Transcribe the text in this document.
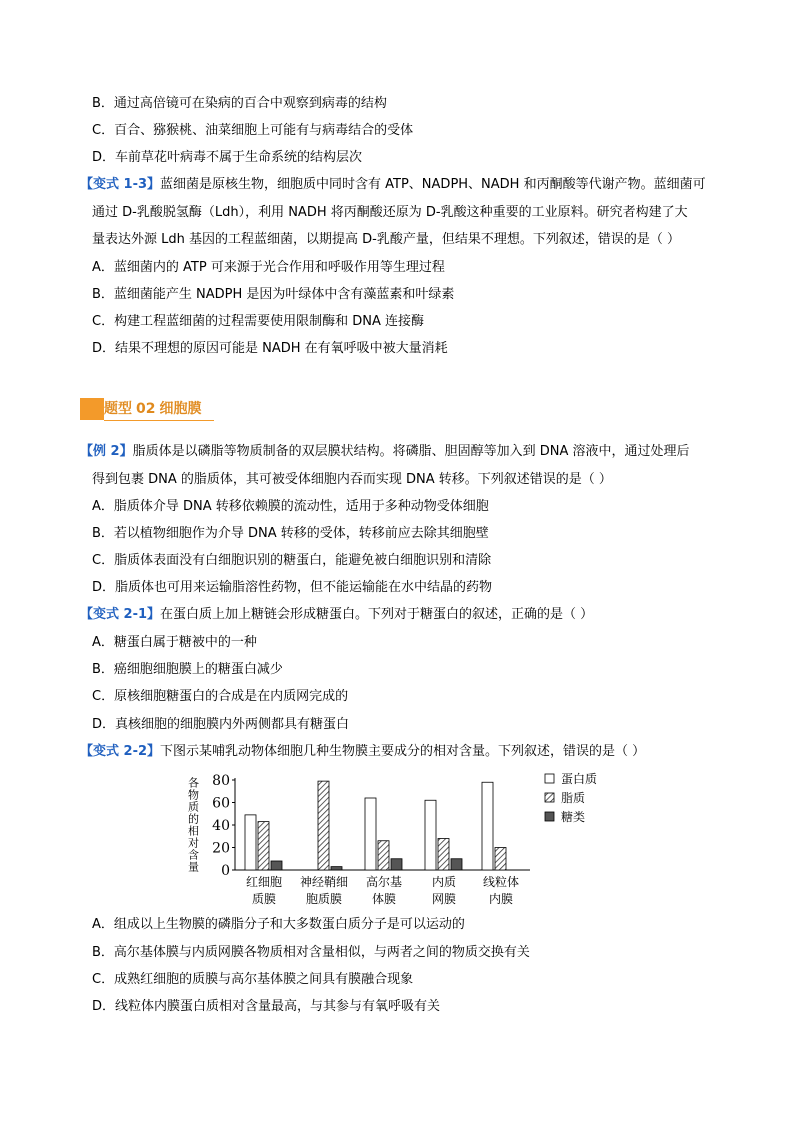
B．通过高倍镜可在染病的百合中观察到病毒的结构
C．百合、猕猴桃、油菜细胞上可能有与病毒结合的受体
D．车前草花叶病毒不属于生命系统的结构层次
【变式 1-3】蓝细菌是原核生物，细胞质中同时含有 ATP、NADPH、NADH 和丙酮酸等代谢产物。蓝细菌可
通过 D-乳酸脱氢酶（Ldh），利用 NADH 将丙酮酸还原为 D-乳酸这种重要的工业原料。研究者构建了大
量表达外源 Ldh 基因的工程蓝细菌，以期提高 D-乳酸产量，但结果不理想。下列叙述，错误的是（ ）
A．蓝细菌内的 ATP 可来源于光合作用和呼吸作用等生理过程
B．蓝细菌能产生 NADPH 是因为叶绿体中含有藻蓝素和叶绿素
C．构建工程蓝细菌的过程需要使用限制酶和 DNA 连接酶
D．结果不理想的原因可能是 NADH 在有氧呼吸中被大量消耗
【例 2】脂质体是以磷脂等物质制备的双层膜状结构。将磷脂、胆固醇等加入到 DNA 溶液中，通过处理后
得到包裹 DNA 的脂质体，其可被受体细胞内吞而实现 DNA 转移。下列叙述错误的是（ ）
A．脂质体介导 DNA 转移依赖膜的流动性，适用于多种动物受体细胞
B．若以植物细胞作为介导 DNA 转移的受体，转移前应去除其细胞壁
C．脂质体表面没有白细胞识别的糖蛋白，能避免被白细胞识别和清除
D．脂质体也可用来运输脂溶性药物，但不能运输能在水中结晶的药物
【变式 2-1】在蛋白质上加上糖链会形成糖蛋白。下列对于糖蛋白的叙述，正确的是（ ）
A．糖蛋白属于糖被中的一种
B．癌细胞细胞膜上的糖蛋白减少
C．原核细胞糖蛋白的合成是在内质网完成的
D．真核细胞的细胞膜内外两侧都具有糖蛋白
【变式 2-2】下图示某哺乳动物体细胞几种生物膜主要成分的相对含量。下列叙述，错误的是（ ）
A．组成以上生物膜的磷脂分子和大多数蛋白质分子是可以运动的
B．高尔基体膜与内质网膜各物质相对含量相似，与两者之间的物质交换有关
C．成熟红细胞的质膜与高尔基体膜之间具有膜融合现象
D．线粒体内膜蛋白质相对含量最高，与其参与有氧呼吸有关
题型 02 细胞膜
0
20
40
60
80
各物质的相对含量
红细胞
质膜
神经鞘细
胞质膜
高尔基
体膜
内质
网膜
线粒体
内膜
蛋白质
脂质
糖类
